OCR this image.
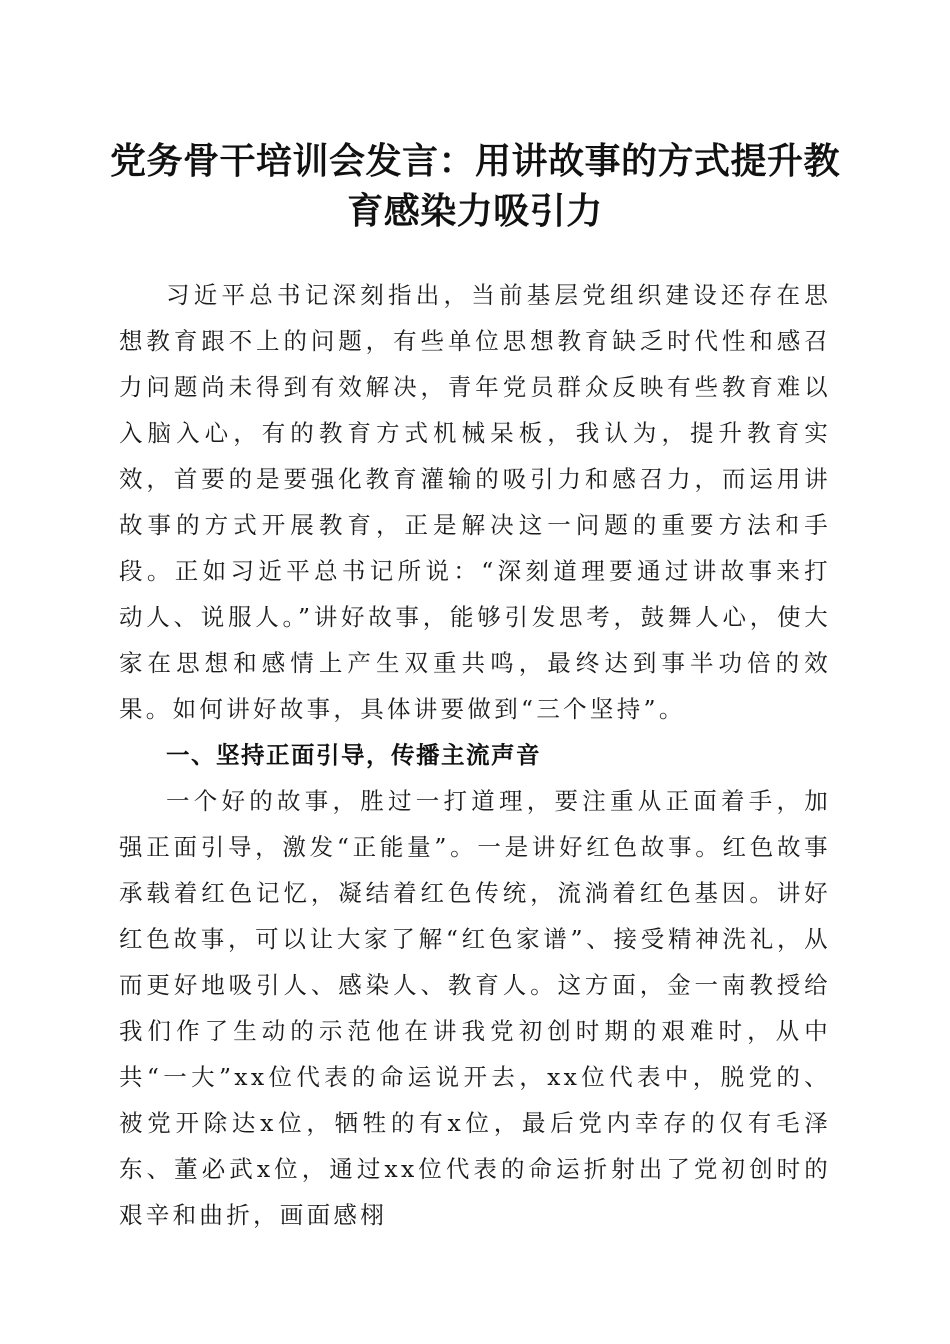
党务骨干培训会发言：用讲故事的方式提升教育感染力吸引力

习近平总书记深刻指出，当前基层党组织建设还存在思想教育跟不上的问题，有些单位思想教育缺乏时代性和感召力问题尚未得到有效解决，青年党员群众反映有些教育难以入脑入心，有的教育方式机械呆板，我认为，提升教育实效，首要的是要强化教育灌输的吸引力和感召力，而运用讲故事的方式开展教育，正是解决这一问题的重要方法和手段。正如习近平总书记所说：“深刻道理要通过讲故事来打动人、说服人。”讲好故事，能够引发思考，鼓舞人心，使大家在思想和感情上产生双重共鸣，最终达到事半功倍的效果。如何讲好故事，具体讲要做到“三个坚持”。

一、坚持正面引导，传播主流声音

一个好的故事，胜过一打道理，要注重从正面着手，加强正面引导，激发“正能量”。一是讲好红色故事。红色故事承载着红色记忆，凝结着红色传统，流淌着红色基因。讲好红色故事，可以让大家了解“红色家谱”、接受精神洗礼，从而更好地吸引人、感染人、教育人。这方面，金一南教授给我们作了生动的示范他在讲我党初创时期的艰难时，从中共“一大”xx位代表的命运说开去，xx位代表中，脱党的、被党开除达x位，牺牲的有x位，最后党内幸存的仅有毛泽东、董必武x位，通过xx位代表的命运折射出了党初创时的艰辛和曲折，画面感栩
